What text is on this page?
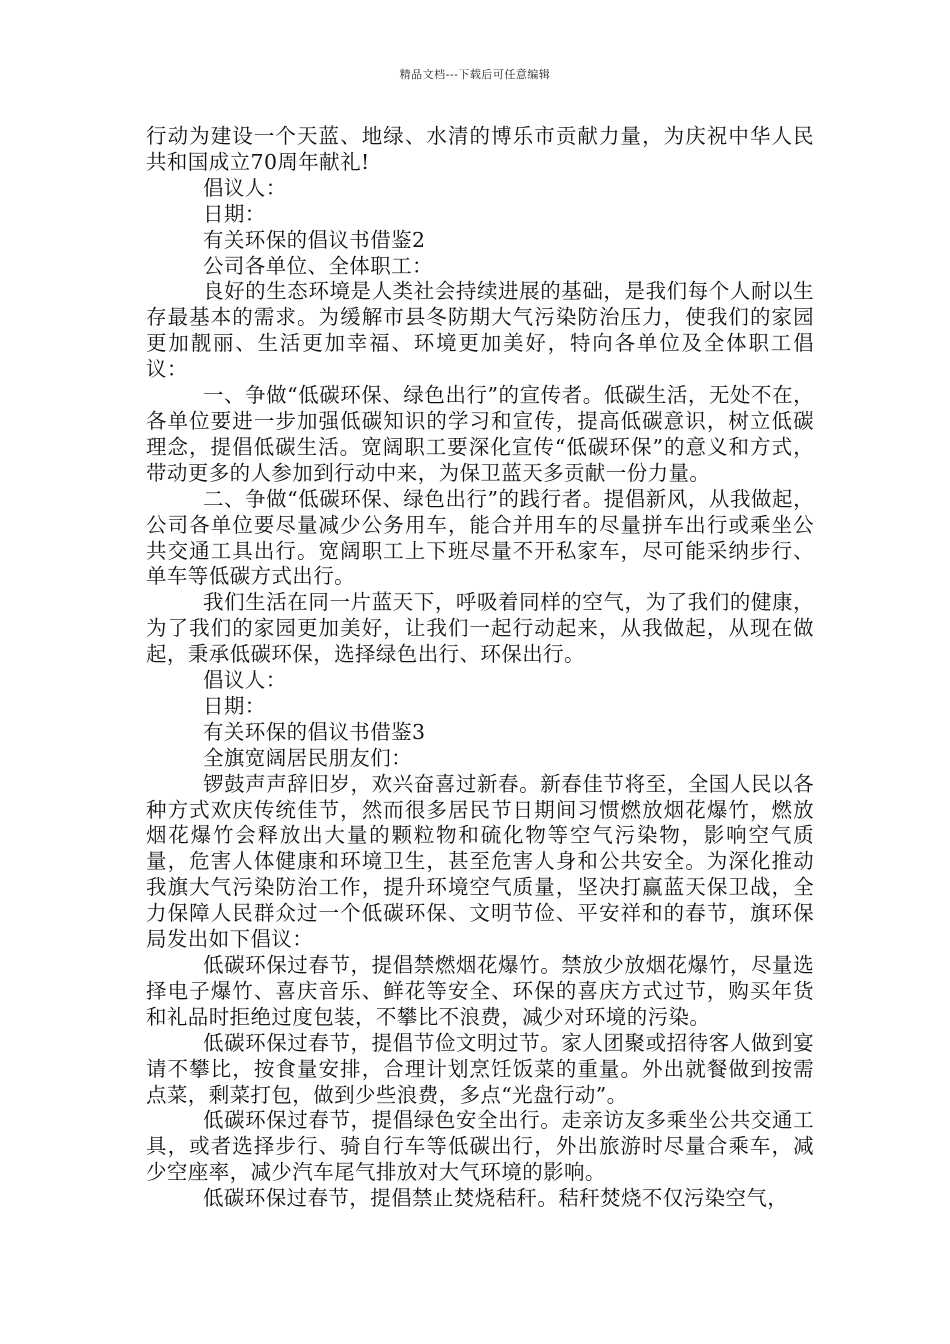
精品文档---下载后可任意编辑

行动为建设一个天蓝、地绿、水清的博乐市贡献力量，为庆祝中华人民共和国成立70周年献礼!

倡议人：

日期：

有关环保的倡议书借鉴2

公司各单位、全体职工：

良好的生态环境是人类社会持续进展的基础，是我们每个人耐以生存最基本的需求。为缓解市县冬防期大气污染防治压力，使我们的家园更加靓丽、生活更加幸福、环境更加美好，特向各单位及全体职工倡议：

一、争做“低碳环保、绿色出行”的宣传者。低碳生活，无处不在，各单位要进一步加强低碳知识的学习和宣传，提高低碳意识，树立低碳理念，提倡低碳生活。宽阔职工要深化宣传“低碳环保”的意义和方式，带动更多的人参加到行动中来，为保卫蓝天多贡献一份力量。

二、争做“低碳环保、绿色出行”的践行者。提倡新风，从我做起，公司各单位要尽量减少公务用车，能合并用车的尽量拼车出行或乘坐公共交通工具出行。宽阔职工上下班尽量不开私家车，尽可能采纳步行、单车等低碳方式出行。

我们生活在同一片蓝天下，呼吸着同样的空气，为了我们的健康，为了我们的家园更加美好，让我们一起行动起来，从我做起，从现在做起，秉承低碳环保，选择绿色出行、环保出行。

倡议人：

日期：

有关环保的倡议书借鉴3

全旗宽阔居民朋友们：

锣鼓声声辞旧岁，欢兴奋喜过新春。新春佳节将至，全国人民以各种方式欢庆传统佳节，然而很多居民节日期间习惯燃放烟花爆竹，燃放烟花爆竹会释放出大量的颗粒物和硫化物等空气污染物，影响空气质量，危害人体健康和环境卫生，甚至危害人身和公共安全。为深化推动我旗大气污染防治工作，提升环境空气质量，坚决打赢蓝天保卫战，全力保障人民群众过一个低碳环保、文明节俭、平安祥和的春节，旗环保局发出如下倡议：

低碳环保过春节，提倡禁燃烟花爆竹。禁放少放烟花爆竹，尽量选择电子爆竹、喜庆音乐、鲜花等安全、环保的喜庆方式过节，购买年货和礼品时拒绝过度包装，不攀比不浪费，减少对环境的污染。

低碳环保过春节，提倡节俭文明过节。家人团聚或招待客人做到宴请不攀比，按食量安排，合理计划烹饪饭菜的重量。外出就餐做到按需点菜，剩菜打包，做到少些浪费，多点“光盘行动”。

低碳环保过春节，提倡绿色安全出行。走亲访友多乘坐公共交通工具，或者选择步行、骑自行车等低碳出行，外出旅游时尽量合乘车，减少空座率，减少汽车尾气排放对大气环境的影响。

低碳环保过春节，提倡禁止焚烧秸秆。秸秆焚烧不仅污染空气，
